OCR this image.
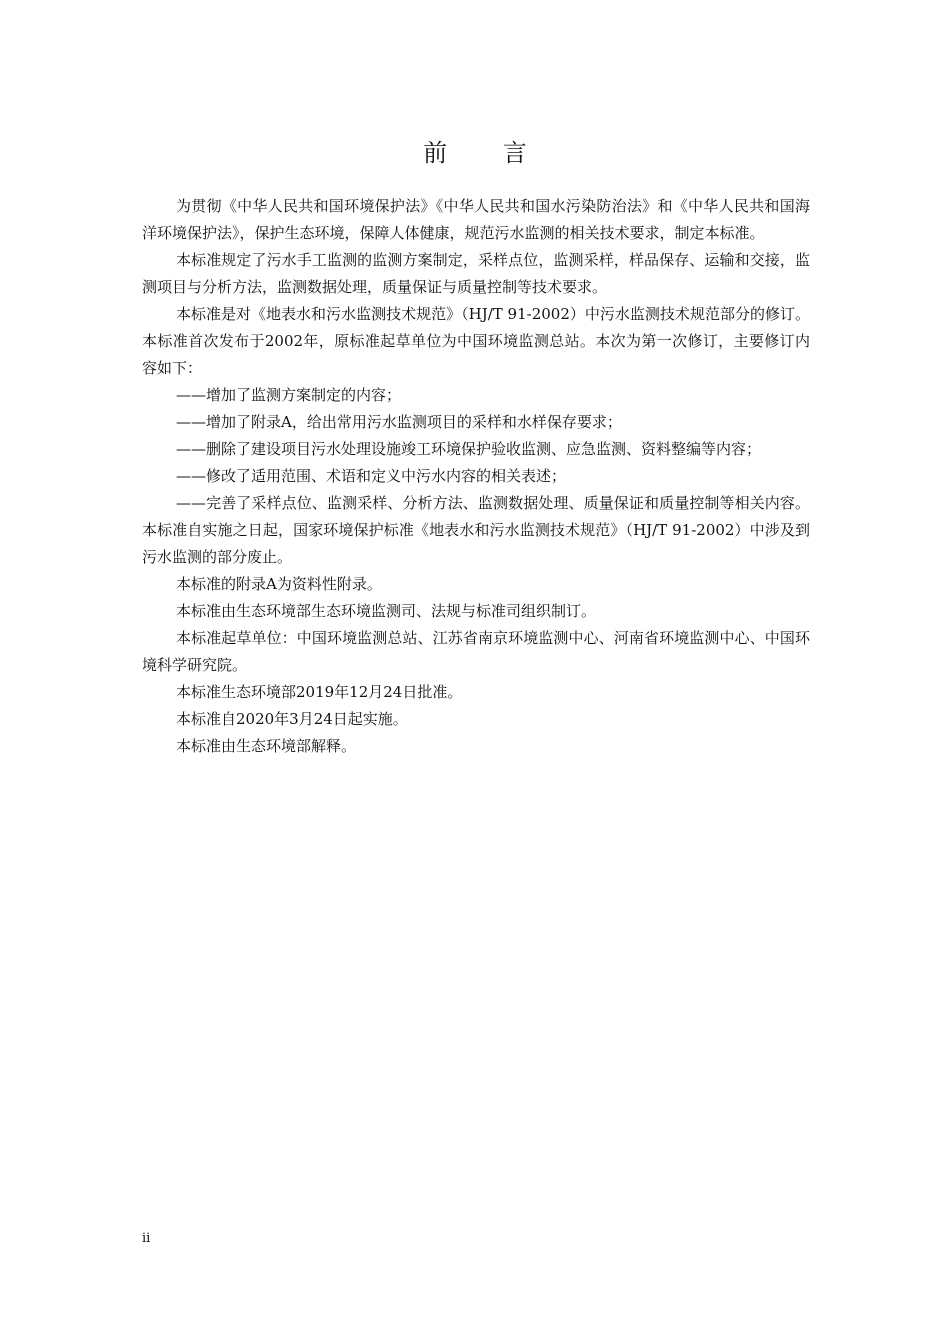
前 言

为贯彻《中华人民共和国环境保护法》《中华人民共和国水污染防治法》和《中华人民共和国海洋环境保护法》，保护生态环境，保障人体健康，规范污水监测的相关技术要求，制定本标准。

本标准规定了污水手工监测的监测方案制定，采样点位，监测采样，样品保存、运输和交接，监测项目与分析方法，监测数据处理，质量保证与质量控制等技术要求。

本标准是对《地表水和污水监测技术规范》（HJ/T 91-2002）中污水监测技术规范部分的修订。本标准首次发布于2002年，原标准起草单位为中国环境监测总站。本次为第一次修订，主要修订内容如下：

——增加了监测方案制定的内容；

——增加了附录A，给出常用污水监测项目的采样和水样保存要求；

——删除了建设项目污水处理设施竣工环境保护验收监测、应急监测、资料整编等内容；

——修改了适用范围、术语和定义中污水内容的相关表述；

——完善了采样点位、监测采样、分析方法、监测数据处理、质量保证和质量控制等相关内容。本标准自实施之日起，国家环境保护标准《地表水和污水监测技术规范》（HJ/T 91-2002）中涉及到污水监测的部分废止。

本标准的附录A为资料性附录。

本标准由生态环境部生态环境监测司、法规与标准司组织制订。

本标准起草单位：中国环境监测总站、江苏省南京环境监测中心、河南省环境监测中心、中国环境科学研究院。

本标准生态环境部2019年12月24日批准。

本标准自2020年3月24日起实施。

本标准由生态环境部解释。

ii
